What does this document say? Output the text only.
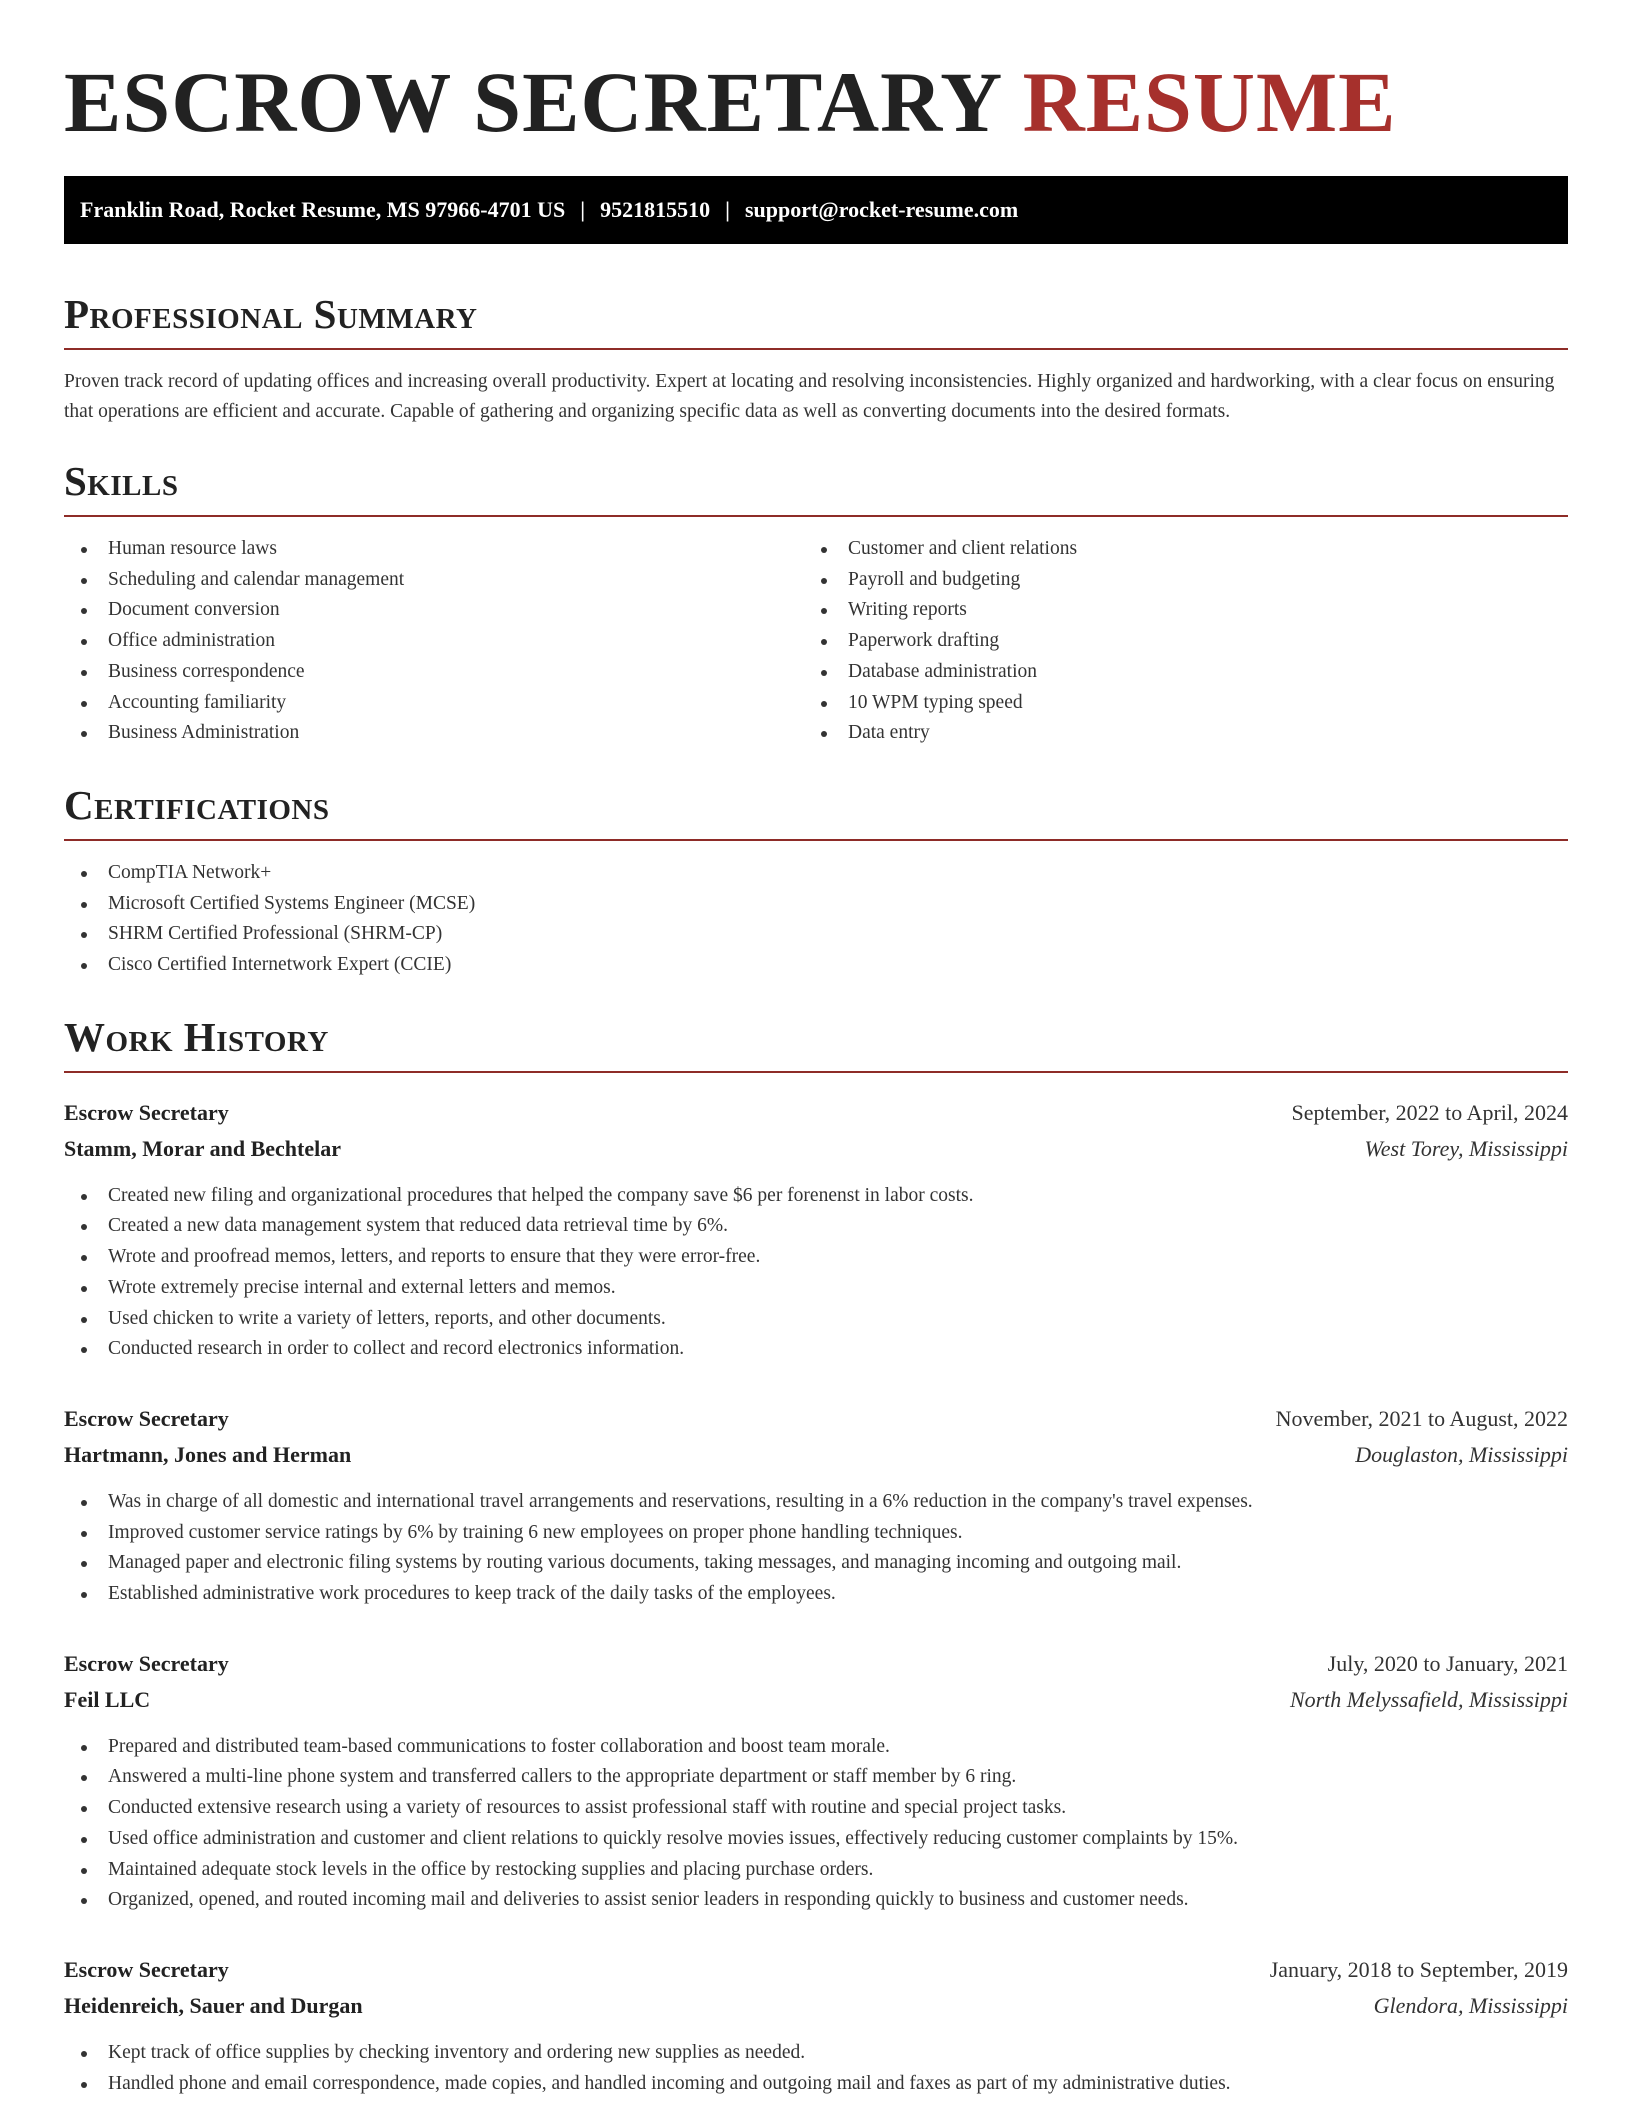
ESCROW SECRETARY RESUME
Franklin Road, Rocket Resume, MS 97966-4701 US | 9521815510 | support@rocket-resume.com
Professional Summary

Proven track record of updating offices and increasing overall productivity. Expert at locating and resolving inconsistencies. Highly organized and hardworking, with a clear focus on ensuring that operations are efficient and accurate. Capable of gathering and organizing specific data as well as converting documents into the desired formats.

Skills
Human resource laws
Scheduling and calendar management
Document conversion
Office administration
Business correspondence
Accounting familiarity
Business Administration
Customer and client relations
Payroll and budgeting
Writing reports
Paperwork drafting
Database administration
10 WPM typing speed
Data entry
Certifications
CompTIA Network+
Microsoft Certified Systems Engineer (MCSE)
SHRM Certified Professional (SHRM-CP)
Cisco Certified Internetwork Expert (CCIE)
Work History
Escrow Secretary	September, 2022 to April, 2024
Stamm, Morar and Bechtelar	West Torey, Mississippi
Created new filing and organizational procedures that helped the company save $6 per forenenst in labor costs.
Created a new data management system that reduced data retrieval time by 6%.
Wrote and proofread memos, letters, and reports to ensure that they were error-free.
Wrote extremely precise internal and external letters and memos.
Used chicken to write a variety of letters, reports, and other documents.
Conducted research in order to collect and record electronics information.
Escrow Secretary	November, 2021 to August, 2022
Hartmann, Jones and Herman	Douglaston, Mississippi
Was in charge of all domestic and international travel arrangements and reservations, resulting in a 6% reduction in the company's travel expenses.
Improved customer service ratings by 6% by training 6 new employees on proper phone handling techniques.
Managed paper and electronic filing systems by routing various documents, taking messages, and managing incoming and outgoing mail.
Established administrative work procedures to keep track of the daily tasks of the employees.
Escrow Secretary	July, 2020 to January, 2021
Feil LLC	North Melyssafield, Mississippi
Prepared and distributed team-based communications to foster collaboration and boost team morale.
Answered a multi-line phone system and transferred callers to the appropriate department or staff member by 6 ring.
Conducted extensive research using a variety of resources to assist professional staff with routine and special project tasks.
Used office administration and customer and client relations to quickly resolve movies issues, effectively reducing customer complaints by 15%.
Maintained adequate stock levels in the office by restocking supplies and placing purchase orders.
Organized, opened, and routed incoming mail and deliveries to assist senior leaders in responding quickly to business and customer needs.
Escrow Secretary	January, 2018 to September, 2019
Heidenreich, Sauer and Durgan	Glendora, Mississippi
Kept track of office supplies by checking inventory and ordering new supplies as needed.
Handled phone and email correspondence, made copies, and handled incoming and outgoing mail and faxes as part of my administrative duties.
